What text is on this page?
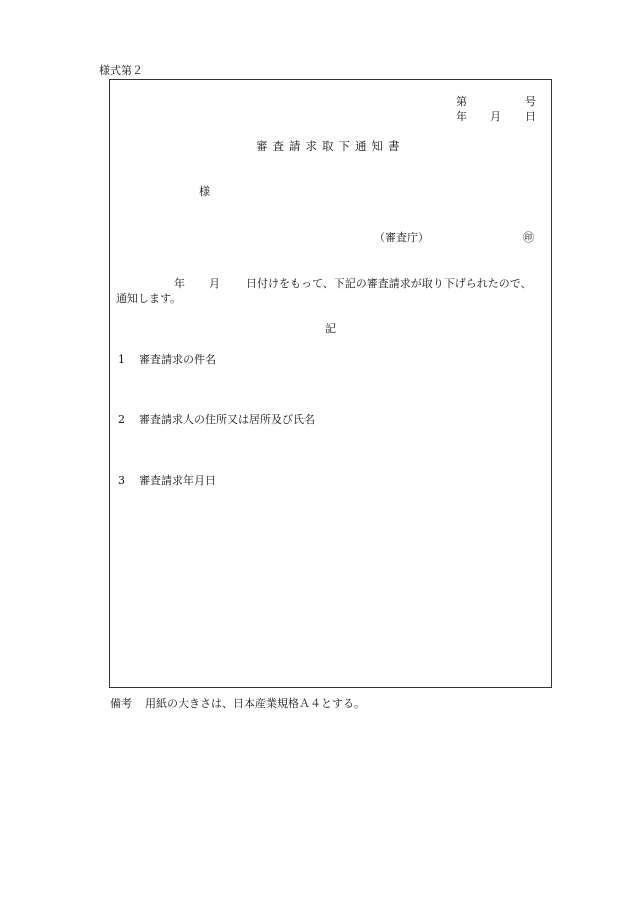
様式第２
第	号
年 月 日
審査請求取下通知書
様
（審査庁）	㊞
年 月 日付けをもって、下記の審査請求が取り下げられたので、
通知します。
記
1 審査請求の件名
2 審査請求人の住所又は居所及び氏名
3 審査請求年月日
備考 用紙の大きさは、日本産業規格Ａ４とする。
